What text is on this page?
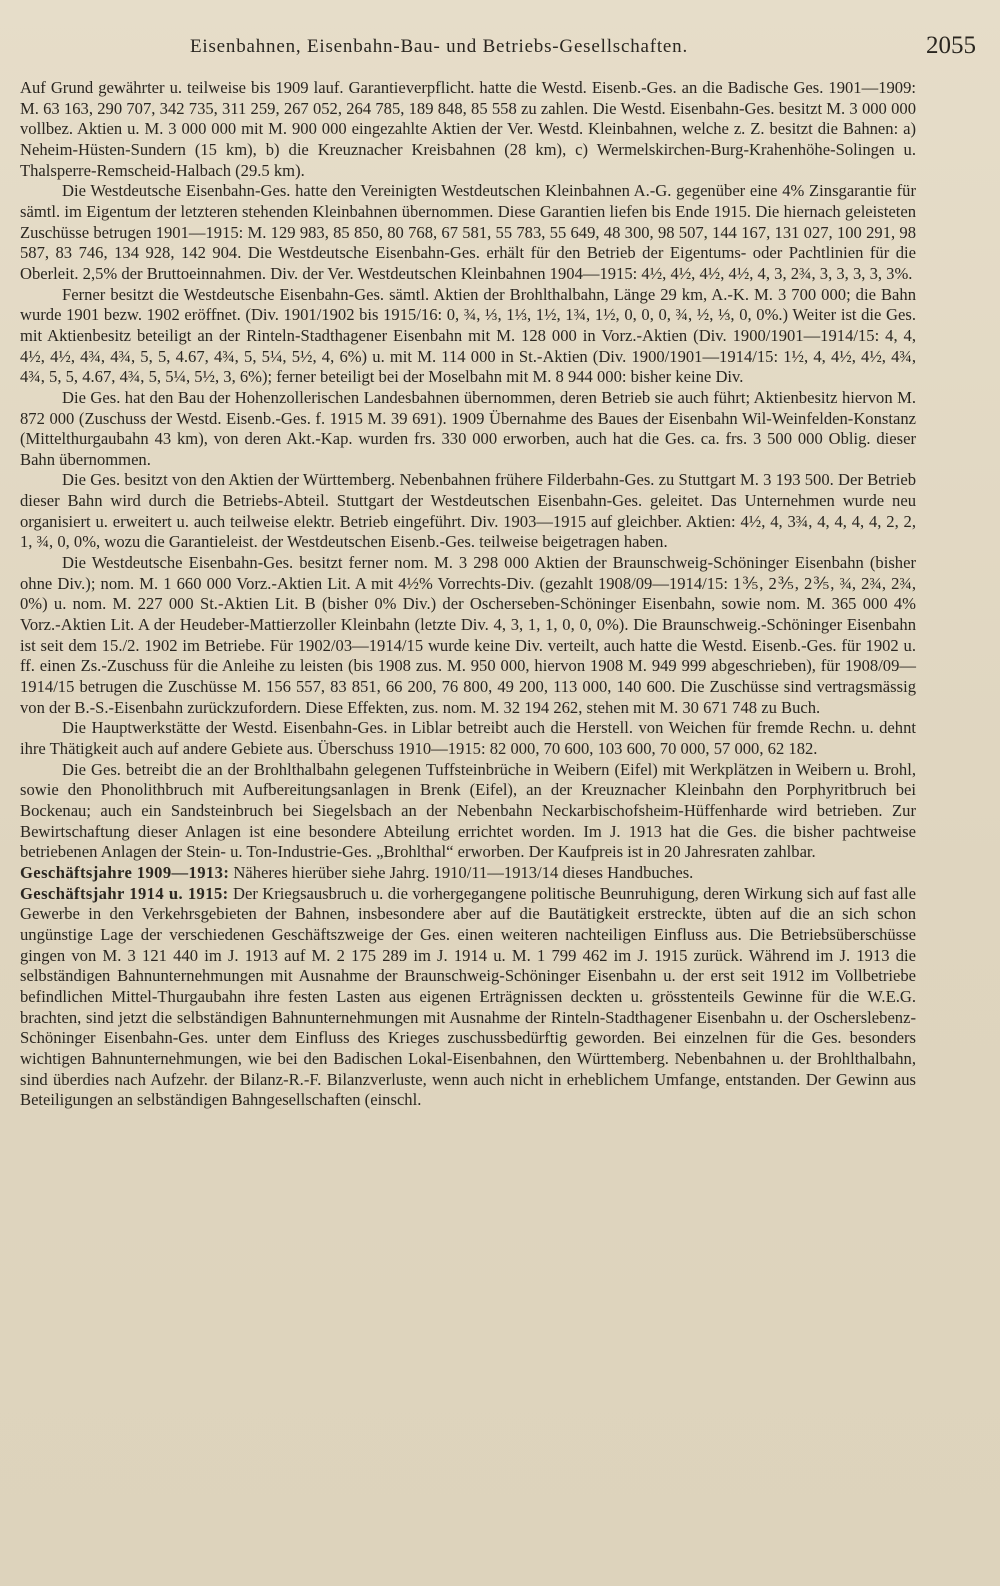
Eisenbahnen, Eisenbahn-Bau- und Betriebs-Gesellschaften.	2055

Auf Grund gewährter u. teilweise bis 1909 lauf. Garantieverpflicht. hatte die Westd. Eisenb.-Ges. an die Badische Ges. 1901—1909: M. 63 163, 290 707, 342 735, 311 259, 267 052, 264 785, 189 848, 85 558 zu zahlen. Die Westd. Eisenbahn-Ges. besitzt M. 3 000 000 vollbez. Aktien u. M. 3 000 000 mit M. 900 000 eingezahlte Aktien der Ver. Westd. Kleinbahnen, welche z. Z. besitzt die Bahnen: a) Neheim-Hüsten-Sundern (15 km), b) die Kreuznacher Kreisbahnen (28 km), c) Wermelskirchen-Burg-Krahenhöhe-Solingen u. Thalsperre-Remscheid-Halbach (29.5 km).

Die Westdeutsche Eisenbahn-Ges. hatte den Vereinigten Westdeutschen Kleinbahnen A.-G. gegenüber eine 4% Zinsgarantie für sämtl. im Eigentum der letzteren stehenden Kleinbahnen übernommen. Diese Garantien liefen bis Ende 1915. Die hiernach geleisteten Zuschüsse betrugen 1901—1915: M. 129 983, 85 850, 80 768, 67 581, 55 783, 55 649, 48 300, 98 507, 144 167, 131 027, 100 291, 98 587, 83 746, 134 928, 142 904. Die Westdeutsche Eisenbahn-Ges. erhält für den Betrieb der Eigentums- oder Pachtlinien für die Oberleit. 2,5% der Bruttoeinnahmen. Div. der Ver. Westdeutschen Kleinbahnen 1904—1915: 4½, 4½, 4½, 4½, 4, 3, 2¾, 3, 3, 3, 3, 3%.

Ferner besitzt die Westdeutsche Eisenbahn-Ges. sämtl. Aktien der Brohlthalbahn, Länge 29 km, A.-K. M. 3 700 000; die Bahn wurde 1901 bezw. 1902 eröffnet. (Div. 1901/1902 bis 1915/16: 0, ¾, ⅓, 1⅓, 1½, 1¾, 1½, 0, 0, 0, ¾, ½, ⅓, 0, 0%.) Weiter ist die Ges. mit Aktienbesitz beteiligt an der Rinteln-Stadthagener Eisenbahn mit M. 128 000 in Vorz.-Aktien (Div. 1900/1901—1914/15: 4, 4, 4½, 4½, 4¾, 4¾, 5, 5, 4.67, 4¾, 5, 5¼, 5½, 4, 6%) u. mit M. 114 000 in St.-Aktien (Div. 1900/1901—1914/15: 1½, 4, 4½, 4½, 4¾, 4¾, 5, 5, 4.67, 4¾, 5, 5¼, 5½, 3, 6%); ferner beteiligt bei der Moselbahn mit M. 8 944 000: bisher keine Div.

Die Ges. hat den Bau der Hohenzollerischen Landesbahnen übernommen, deren Betrieb sie auch führt; Aktienbesitz hiervon M. 872 000 (Zuschuss der Westd. Eisenb.-Ges. f. 1915 M. 39 691). 1909 Übernahme des Baues der Eisenbahn Wil-Weinfelden-Konstanz (Mittelthurgaubahn 43 km), von deren Akt.-Kap. wurden frs. 330 000 erworben, auch hat die Ges. ca. frs. 3 500 000 Oblig. dieser Bahn übernommen.

Die Ges. besitzt von den Aktien der Württemberg. Nebenbahnen frühere Filderbahn-Ges. zu Stuttgart M. 3 193 500. Der Betrieb dieser Bahn wird durch die Betriebs-Abteil. Stuttgart der Westdeutschen Eisenbahn-Ges. geleitet. Das Unternehmen wurde neu organisiert u. erweitert u. auch teilweise elektr. Betrieb eingeführt. Div. 1903—1915 auf gleichber. Aktien: 4½, 4, 3¾, 4, 4, 4, 4, 2, 2, 1, ¾, 0, 0%, wozu die Garantieleist. der Westdeutschen Eisenb.-Ges. teilweise beigetragen haben.

Die Westdeutsche Eisenbahn-Ges. besitzt ferner nom. M. 3 298 000 Aktien der Braunschweig-Schöninger Eisenbahn (bisher ohne Div.); nom. M. 1 660 000 Vorz.-Aktien Lit. A mit 4½% Vorrechts-Div. (gezahlt 1908/09—1914/15: 1⅗, 2⅗, 2⅗, ¾, 2¾, 2¾, 0%) u. nom. M. 227 000 St.-Aktien Lit. B (bisher 0% Div.) der Oscherseben-Schöninger Eisenbahn, sowie nom. M. 365 000 4% Vorz.-Aktien Lit. A der Heudeber-Mattierzoller Kleinbahn (letzte Div. 4, 3, 1, 1, 0, 0, 0%). Die Braunschweig.-Schöninger Eisenbahn ist seit dem 15./2. 1902 im Betriebe. Für 1902/03—1914/15 wurde keine Div. verteilt, auch hatte die Westd. Eisenb.-Ges. für 1902 u. ff. einen Zs.-Zuschuss für die Anleihe zu leisten (bis 1908 zus. M. 950 000, hiervon 1908 M. 949 999 abgeschrieben), für 1908/09—1914/15 betrugen die Zuschüsse M. 156 557, 83 851, 66 200, 76 800, 49 200, 113 000, 140 600. Die Zuschüsse sind vertragsmässig von der B.-S.-Eisenbahn zurückzufordern. Diese Effekten, zus. nom. M. 32 194 262, stehen mit M. 30 671 748 zu Buch.

Die Hauptwerkstätte der Westd. Eisenbahn-Ges. in Liblar betreibt auch die Herstell. von Weichen für fremde Rechn. u. dehnt ihre Thätigkeit auch auf andere Gebiete aus. Überschuss 1910—1915: 82 000, 70 600, 103 600, 70 000, 57 000, 62 182.

Die Ges. betreibt die an der Brohlthalbahn gelegenen Tuffsteinbrüche in Weibern (Eifel) mit Werkplätzen in Weibern u. Brohl, sowie den Phonolithbruch mit Aufbereitungsanlagen in Brenk (Eifel), an der Kreuznacher Kleinbahn den Porphyritbruch bei Bockenau; auch ein Sandsteinbruch bei Siegelsbach an der Nebenbahn Neckarbischofsheim-Hüffenharde wird betrieben. Zur Bewirtschaftung dieser Anlagen ist eine besondere Abteilung errichtet worden. Im J. 1913 hat die Ges. die bisher pachtweise betriebenen Anlagen der Stein- u. Ton-Industrie-Ges. „Brohlthal“ erworben. Der Kaufpreis ist in 20 Jahresraten zahlbar.

Geschäftsjahre 1909—1913: Näheres hierüber siehe Jahrg. 1910/11—1913/14 dieses Handbuches.

Geschäftsjahr 1914 u. 1915: Der Kriegsausbruch u. die vorhergegangene politische Beunruhigung, deren Wirkung sich auf fast alle Gewerbe in den Verkehrsgebieten der Bahnen, insbesondere aber auf die Bautätigkeit erstreckte, übten auf die an sich schon ungünstige Lage der verschiedenen Geschäftszweige der Ges. einen weiteren nachteiligen Einfluss aus. Die Betriebsüberschüsse gingen von M. 3 121 440 im J. 1913 auf M. 2 175 289 im J. 1914 u. M. 1 799 462 im J. 1915 zurück. Während im J. 1913 die selbständigen Bahnunternehmungen mit Ausnahme der Braunschweig-Schöninger Eisenbahn u. der erst seit 1912 im Vollbetriebe befindlichen Mittel-Thurgaubahn ihre festen Lasten aus eigenen Erträgnissen deckten u. grösstenteils Gewinne für die W.E.G. brachten, sind jetzt die selbständigen Bahnunternehmungen mit Ausnahme der Rinteln-Stadthagener Eisenbahn u. der Oscherslebenz-Schöninger Eisenbahn-Ges. unter dem Einfluss des Krieges zuschussbedürftig geworden. Bei einzelnen für die Ges. besonders wichtigen Bahnunternehmungen, wie bei den Badischen Lokal-Eisenbahnen, den Württemberg. Nebenbahnen u. der Brohlthalbahn, sind überdies nach Aufzehr. der Bilanz-R.-F. Bilanzverluste, wenn auch nicht in erheblichem Umfange, entstanden. Der Gewinn aus Beteiligungen an selbständigen Bahngesellschaften (einschl.
